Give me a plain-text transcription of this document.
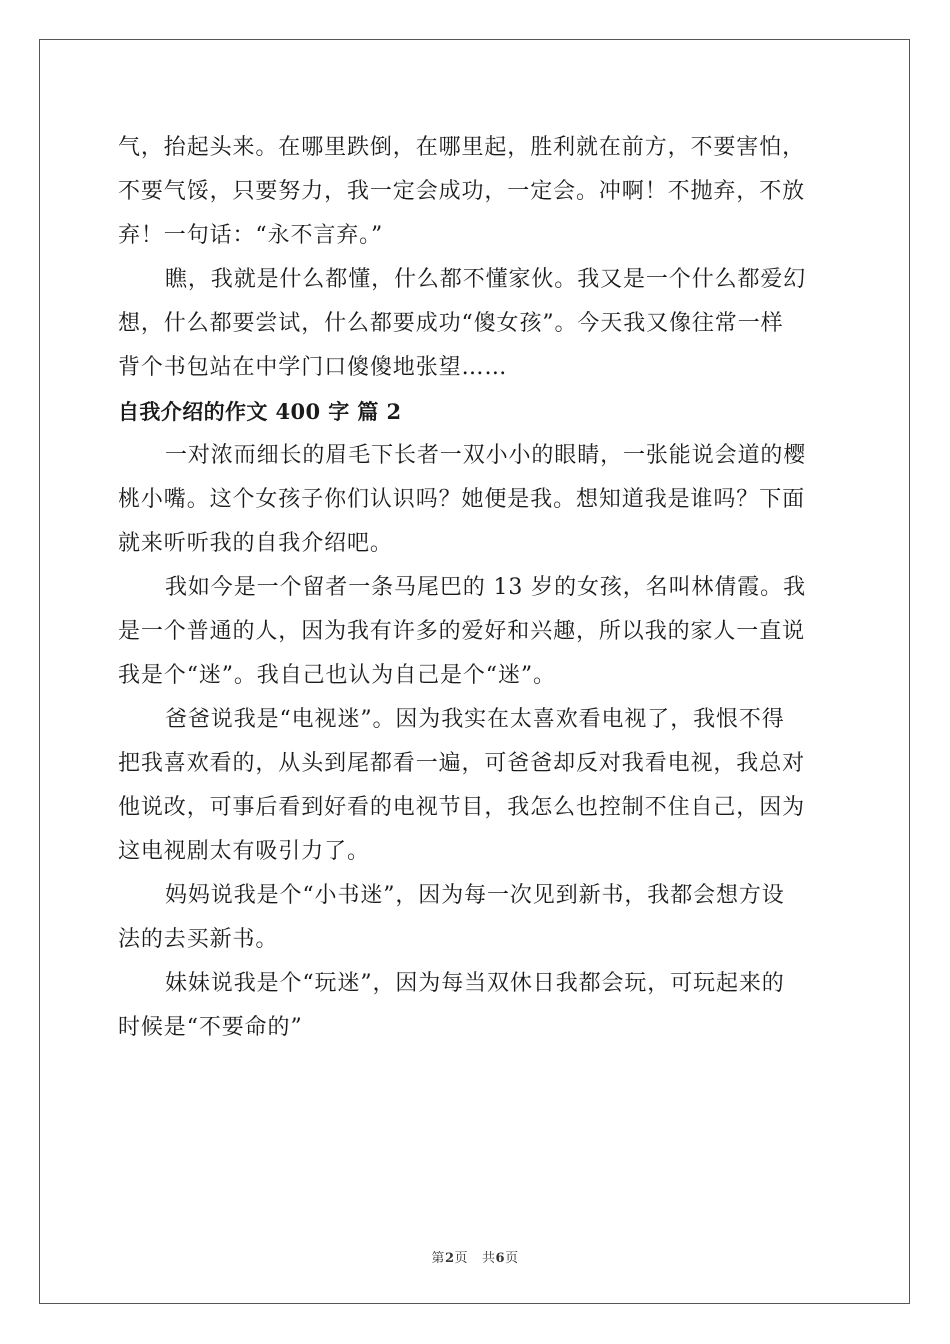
气，抬起头来。在哪里跌倒，在哪里起，胜利就在前方，不要害怕，
不要气馁，只要努力，我一定会成功，一定会。冲啊！不抛弃，不放
弃！一句话：“永不言弃。”

瞧，我就是什么都懂，什么都不懂家伙。我又是一个什么都爱幻
想，什么都要尝试，什么都要成功“傻女孩”。今天我又像往常一样
背个书包站在中学门口傻傻地张望……

自我介绍的作文 400 字 篇 2

一对浓而细长的眉毛下长者一双小小的眼睛，一张能说会道的樱
桃小嘴。这个女孩子你们认识吗？她便是我。想知道我是谁吗？下面
就来听听我的自我介绍吧。

我如今是一个留者一条马尾巴的 13 岁的女孩，名叫林倩霞。我
是一个普通的人，因为我有许多的爱好和兴趣，所以我的家人一直说
我是个“迷”。我自己也认为自己是个“迷”。

爸爸说我是“电视迷”。因为我实在太喜欢看电视了，我恨不得
把我喜欢看的，从头到尾都看一遍，可爸爸却反对我看电视，我总对
他说改，可事后看到好看的电视节目，我怎么也控制不住自己，因为
这电视剧太有吸引力了。

妈妈说我是个“小书迷”，因为每一次见到新书，我都会想方设
法的去买新书。

妹妹说我是个“玩迷”，因为每当双休日我都会玩，可玩起来的
时候是“不要命的”

第2页 共6页
